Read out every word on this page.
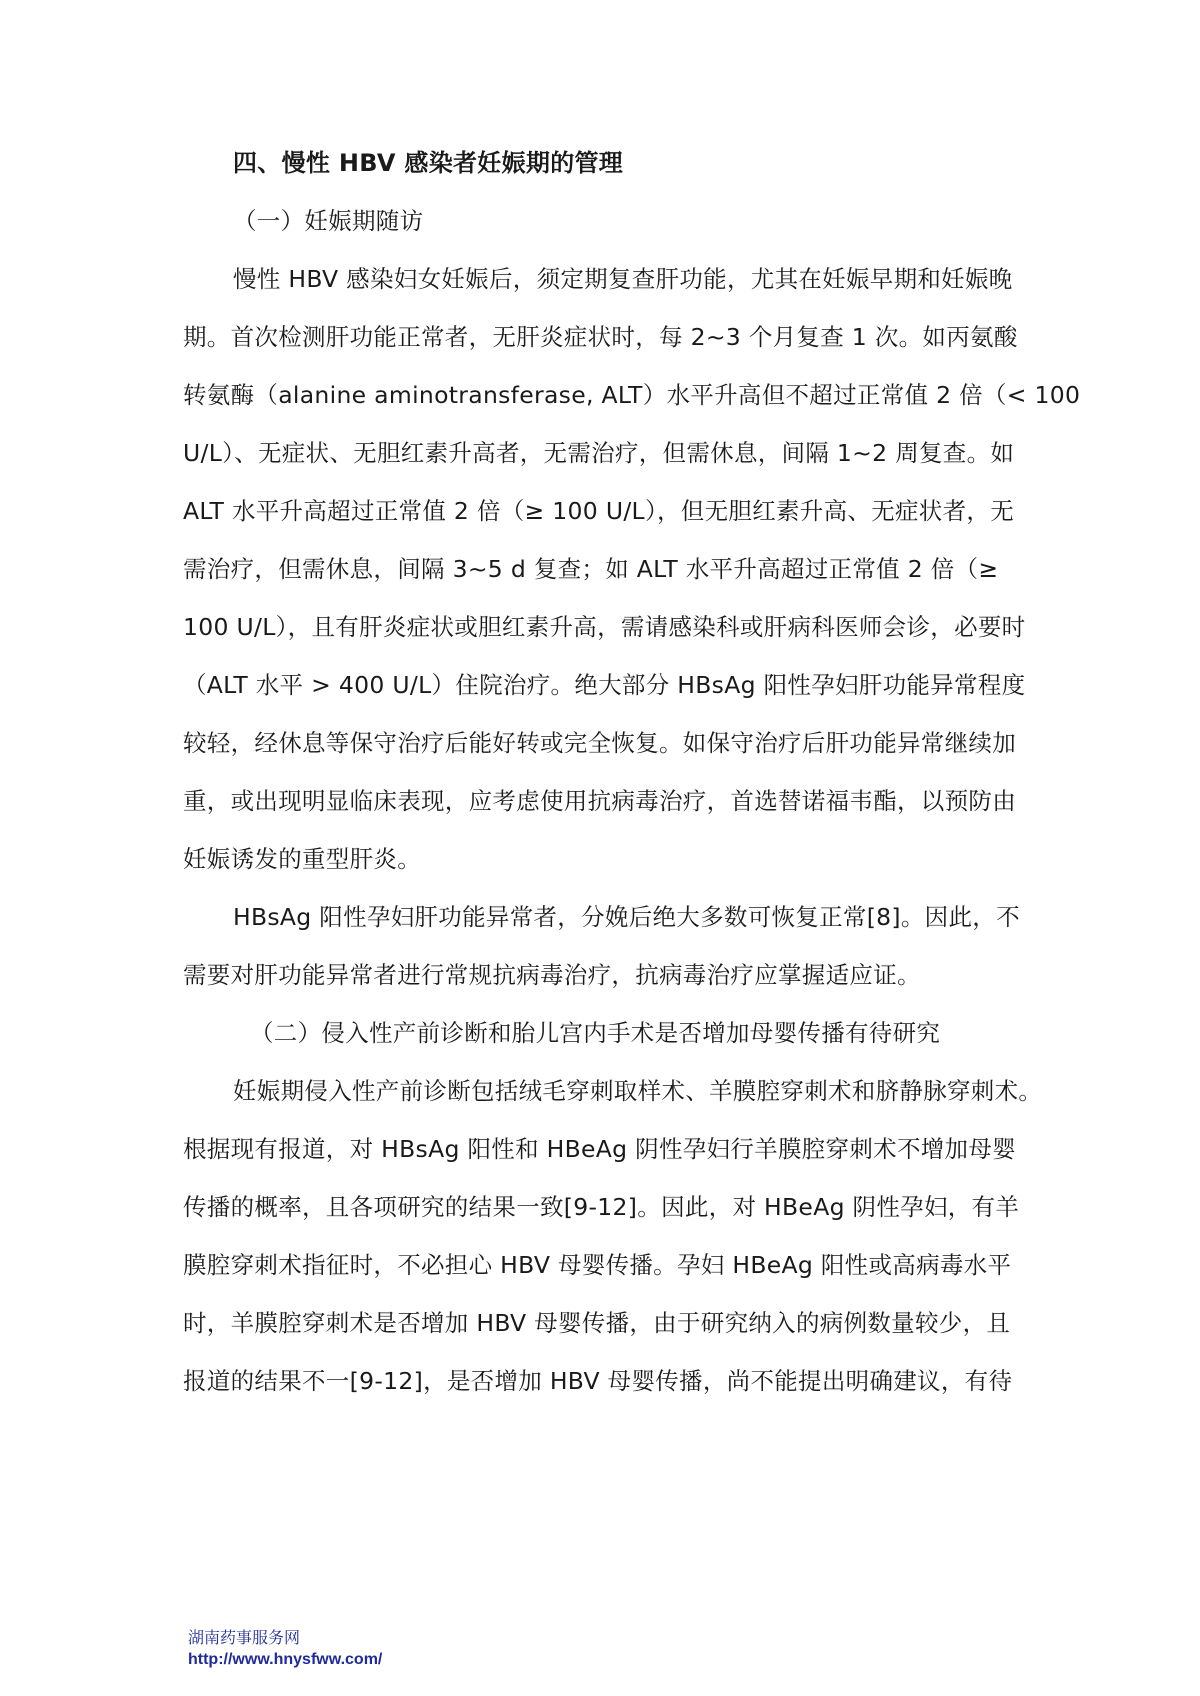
四、慢性 HBV 感染者妊娠期的管理
（一）妊娠期随访
慢性 HBV 感染妇女妊娠后，须定期复查肝功能，尤其在妊娠早期和妊娠晚
期。首次检测肝功能正常者，无肝炎症状时，每 2~3 个月复查 1 次。如丙氨酸
转氨酶（alanine aminotransferase, ALT）水平升高但不超过正常值 2 倍（< 100
U/L）、无症状、无胆红素升高者，无需治疗，但需休息，间隔 1~2 周复查。如
ALT 水平升高超过正常值 2 倍（≥ 100 U/L），但无胆红素升高、无症状者，无
需治疗，但需休息，间隔 3~5 d 复查；如 ALT 水平升高超过正常值 2 倍（≥
100 U/L），且有肝炎症状或胆红素升高，需请感染科或肝病科医师会诊，必要时
（ALT 水平 > 400 U/L）住院治疗。绝大部分 HBsAg 阳性孕妇肝功能异常程度
较轻，经休息等保守治疗后能好转或完全恢复。如保守治疗后肝功能异常继续加
重，或出现明显临床表现，应考虑使用抗病毒治疗，首选替诺福韦酯，以预防由
妊娠诱发的重型肝炎。
HBsAg 阳性孕妇肝功能异常者，分娩后绝大多数可恢复正常[8]。因此，不
需要对肝功能异常者进行常规抗病毒治疗，抗病毒治疗应掌握适应证。
（二）侵入性产前诊断和胎儿宫内手术是否增加母婴传播有待研究
妊娠期侵入性产前诊断包括绒毛穿刺取样术、羊膜腔穿刺术和脐静脉穿刺术。
根据现有报道，对 HBsAg 阳性和 HBeAg 阴性孕妇行羊膜腔穿刺术不增加母婴
传播的概率，且各项研究的结果一致[9-12]。因此，对 HBeAg 阴性孕妇，有羊
膜腔穿刺术指征时，不必担心 HBV 母婴传播。孕妇 HBeAg 阳性或高病毒水平
时，羊膜腔穿刺术是否增加 HBV 母婴传播，由于研究纳入的病例数量较少，且
报道的结果不一[9-12]，是否增加 HBV 母婴传播，尚不能提出明确建议，有待
湖南药事服务网
http://www.hnysfww.com/
